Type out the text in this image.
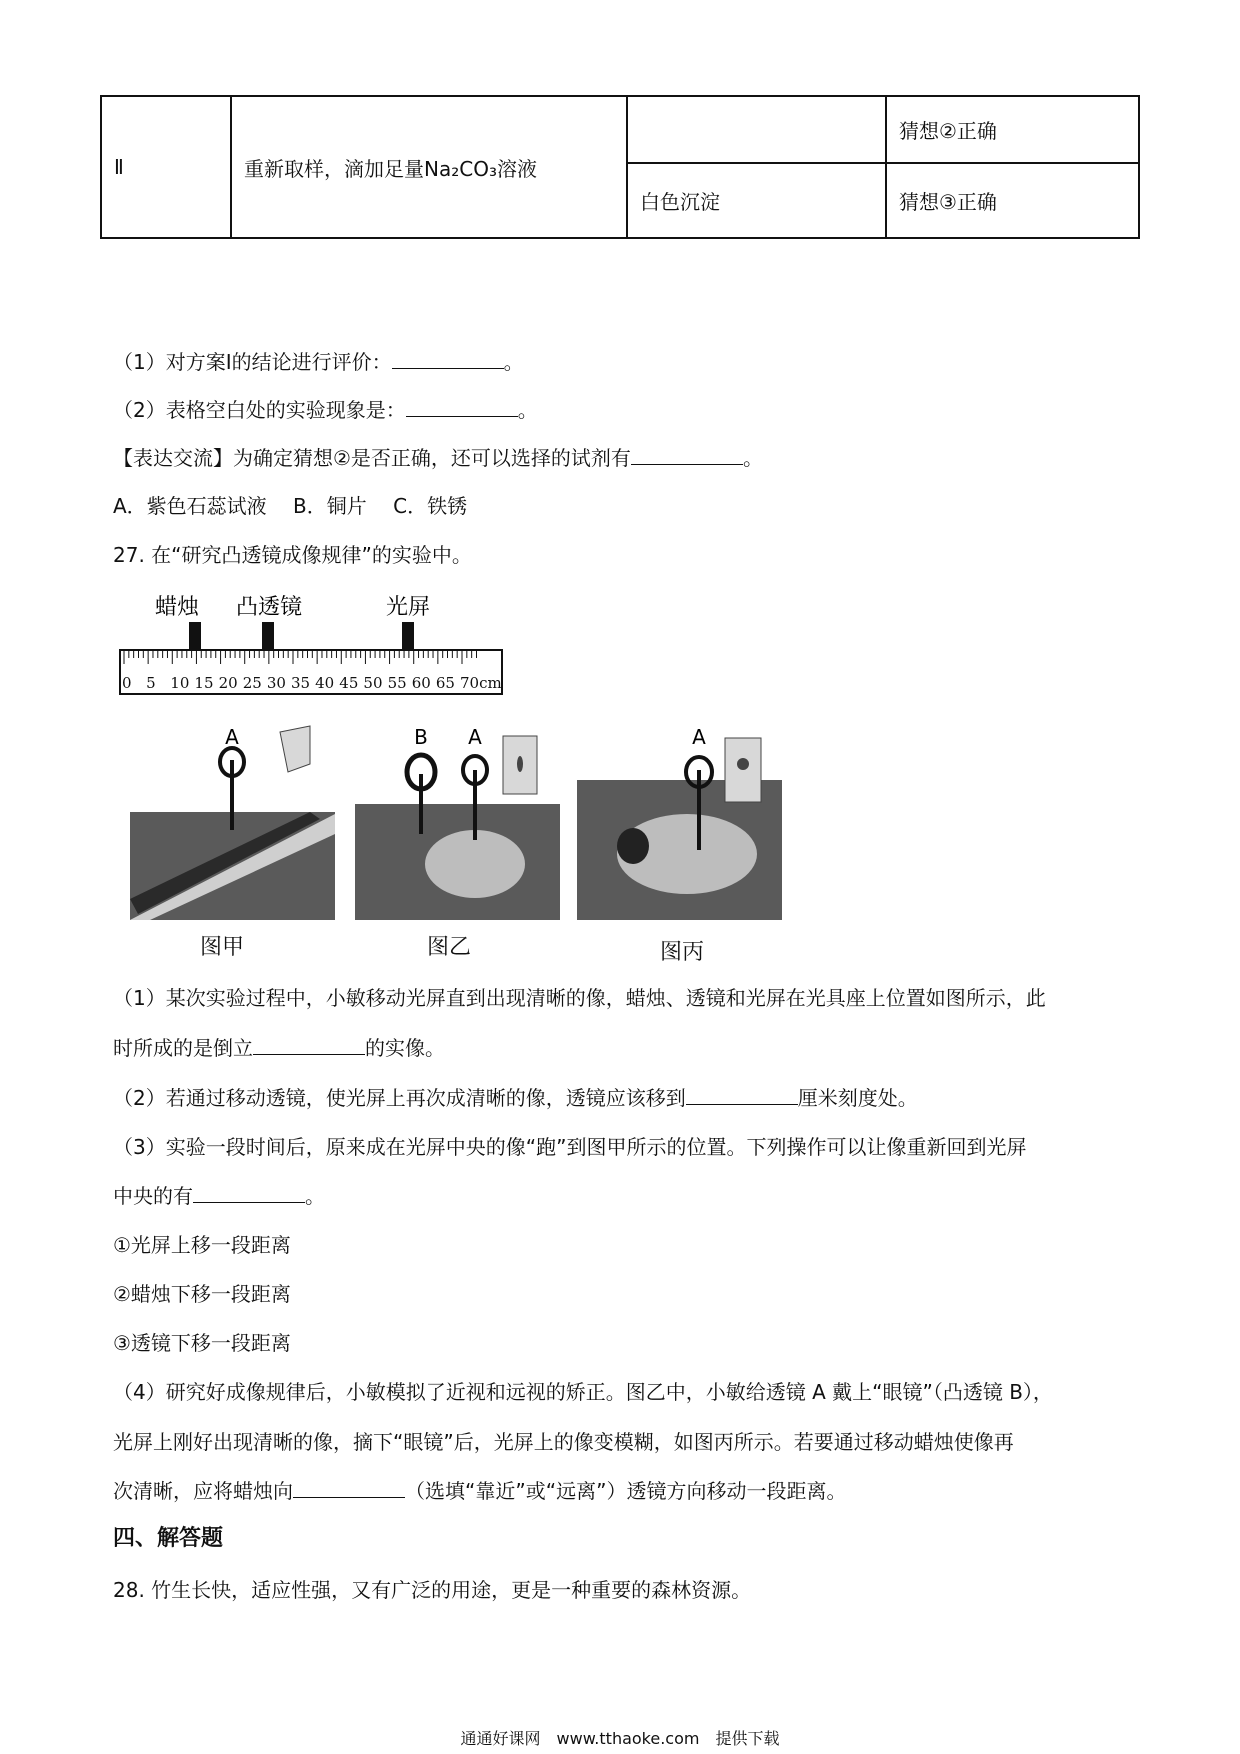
Ⅱ	重新取样，滴加足量Na₂CO₃溶液		猜想②正确
		白色沉淀	猜想③正确
（1）对方案Ⅰ的结论进行评价：	。
（2）表格空白处的实验现象是：	。
【表达交流】为确定猜想②是否正确，还可以选择的试剂有	。
A．紫色石蕊试液　 B．铜片　 C．铁锈
27. 在“研究凸透镜成像规律”的实验中。
蜡烛 凸透镜	光屏
0 5 10 15 20 25 30 35 40 45 50 55 60 65 70cm
A
图甲
B A
图乙
A
图丙
（1）某次实验过程中，小敏移动光屏直到出现清晰的像，蜡烛、透镜和光屏在光具座上位置如图所示，此
时所成的是倒立	的实像。
（2）若通过移动透镜，使光屏上再次成清晰的像，透镜应该移到	厘米刻度处。
（3）实验一段时间后，原来成在光屏中央的像“跑”到图甲所示的位置。下列操作可以让像重新回到光屏
中央的有	。
①光屏上移一段距离
②蜡烛下移一段距离
③透镜下移一段距离
（4）研究好成像规律后，小敏模拟了近视和远视的矫正。图乙中，小敏给透镜 A 戴上“眼镜”（凸透镜 B），
光屏上刚好出现清晰的像，摘下“眼镜”后，光屏上的像变模糊，如图丙所示。若要通过移动蜡烛使像再
次清晰，应将蜡烛向	（选填“靠近”或“远离”）透镜方向移动一段距离。
四、解答题
28. 竹生长快，适应性强，又有广泛的用途，更是一种重要的森林资源。
通通好课网　www.tthaoke.com　提供下载
